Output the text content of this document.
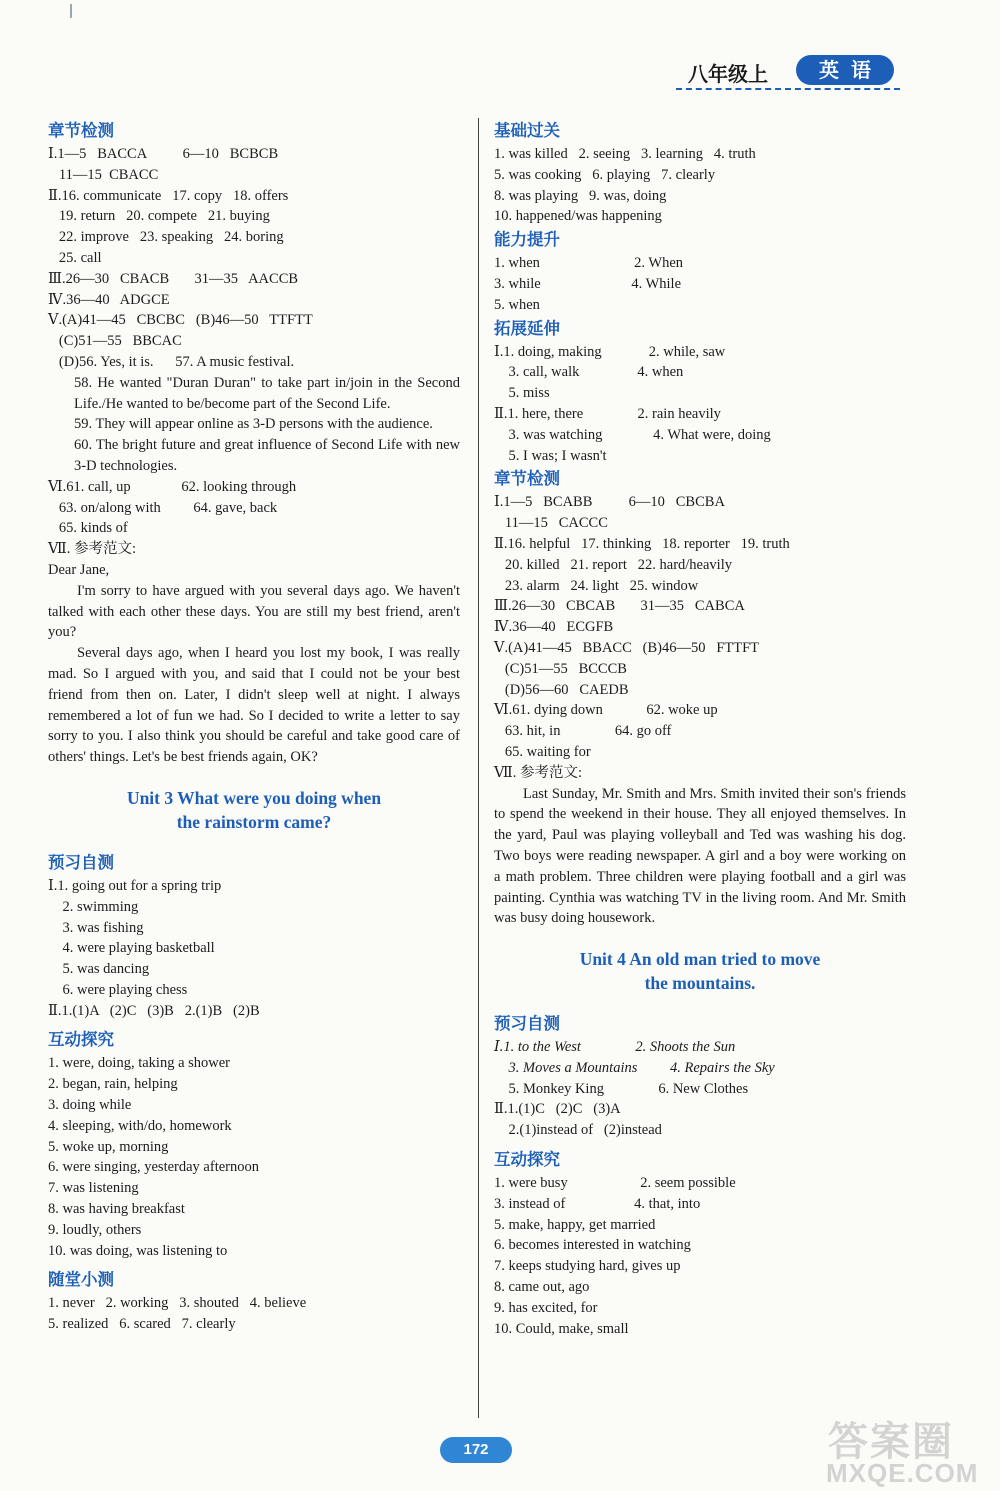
八年级上	英语
章节检测
Ⅰ.1—5   BACCA          6—10   BCBCB
11—15  CBACC
Ⅱ.16. communicate   17. copy   18. offers
19. return   20. compete   21. buying
22. improve   23. speaking   24. boring
25. call
Ⅲ.26—30   CBACB       31—35   AACCB
Ⅳ.36—40   ADGCE
Ⅴ.(A)41—45   CBCBC   (B)46—50   TTFTT
(C)51—55   BBCAC
(D)56. Yes, it is.      57. A music festival.
58. He wanted "Duran Duran" to take part in/join in the Second Life./He wanted to be/become part of the Second Life.
59. They will appear online as 3-D persons with the audience.
60. The bright future and great influence of Second Life with new 3-D technologies.
Ⅵ.61. call, up              62. looking through
63. on/along with         64. gave, back
65. kinds of
Ⅶ. 参考范文:
Dear Jane,
I'm sorry to have argued with you several days ago. We haven't talked with each other these days. You are still my best friend, aren't you?
Several days ago, when I heard you lost my book, I was really mad. So I argued with you, and said that I could not be your best friend from then on. Later, I didn't sleep well at night. I always remembered a lot of fun we had. So I decided to write a letter to say sorry to you. I also think you should be careful and take good care of others' things. Let's be best friends again, OK?
Unit 3 What were you doing when
the rainstorm came?
预习自测
Ⅰ.1. going out for a spring trip
2. swimming
3. was fishing
4. were playing basketball
5. was dancing
6. were playing chess
Ⅱ.1.(1)A   (2)C   (3)B   2.(1)B   (2)B
互动探究
1. were, doing, taking a shower
2. began, rain, helping
3. doing while
4. sleeping, with/do, homework
5. woke up, morning
6. were singing, yesterday afternoon
7. was listening
8. was having breakfast
9. loudly, others
10. was doing, was listening to
随堂小测
1. never   2. working   3. shouted   4. believe
5. realized   6. scared   7. clearly
基础过关
1. was killed   2. seeing   3. learning   4. truth
5. was cooking   6. playing   7. clearly
8. was playing   9. was, doing
10. happened/was happening
能力提升
1. when                          2. When
3. while                         4. While
5. when
拓展延伸
Ⅰ.1. doing, making             2. while, saw
3. call, walk                4. when
5. miss
Ⅱ.1. here, there               2. rain heavily
3. was watching              4. What were, doing
5. I was; I wasn't
章节检测
Ⅰ.1—5   BCABB          6—10   CBCBA
11—15   CACCC
Ⅱ.16. helpful   17. thinking   18. reporter   19. truth
20. killed   21. report   22. hard/heavily
23. alarm   24. light   25. window
Ⅲ.26—30   CBCAB       31—35   CABCA
Ⅳ.36—40   ECGFB
Ⅴ.(A)41—45   BBACC   (B)46—50   FTTFT
(C)51—55   BCCCB
(D)56—60   CAEDB
Ⅵ.61. dying down            62. woke up
63. hit, in               64. go off
65. waiting for
Ⅶ. 参考范文:
Last Sunday, Mr. Smith and Mrs. Smith invited their son's friends to spend the weekend in their house. They all enjoyed themselves. In the yard, Paul was playing volleyball and Ted was washing his dog. Two boys were reading newspaper. A girl and a boy were working on a math problem. Three children were playing football and a girl was painting. Cynthia was watching TV in the living room. And Mr. Smith was busy doing housework.
Unit 4 An old man tried to move
the mountains.
预习自测
Ⅰ.1. to the West               2. Shoots the Sun
3. Moves a Mountains         4. Repairs the Sky
5. Monkey King               6. New Clothes
Ⅱ.1.(1)C   (2)C   (3)A
2.(1)instead of   (2)instead
互动探究
1. were busy                    2. seem possible
3. instead of                   4. that, into
5. make, happy, get married
6. becomes interested in watching
7. keeps studying hard, gives up
8. came out, ago
9. has excited, for
10. Could, make, small
172	答案圈
MXQE.COM
